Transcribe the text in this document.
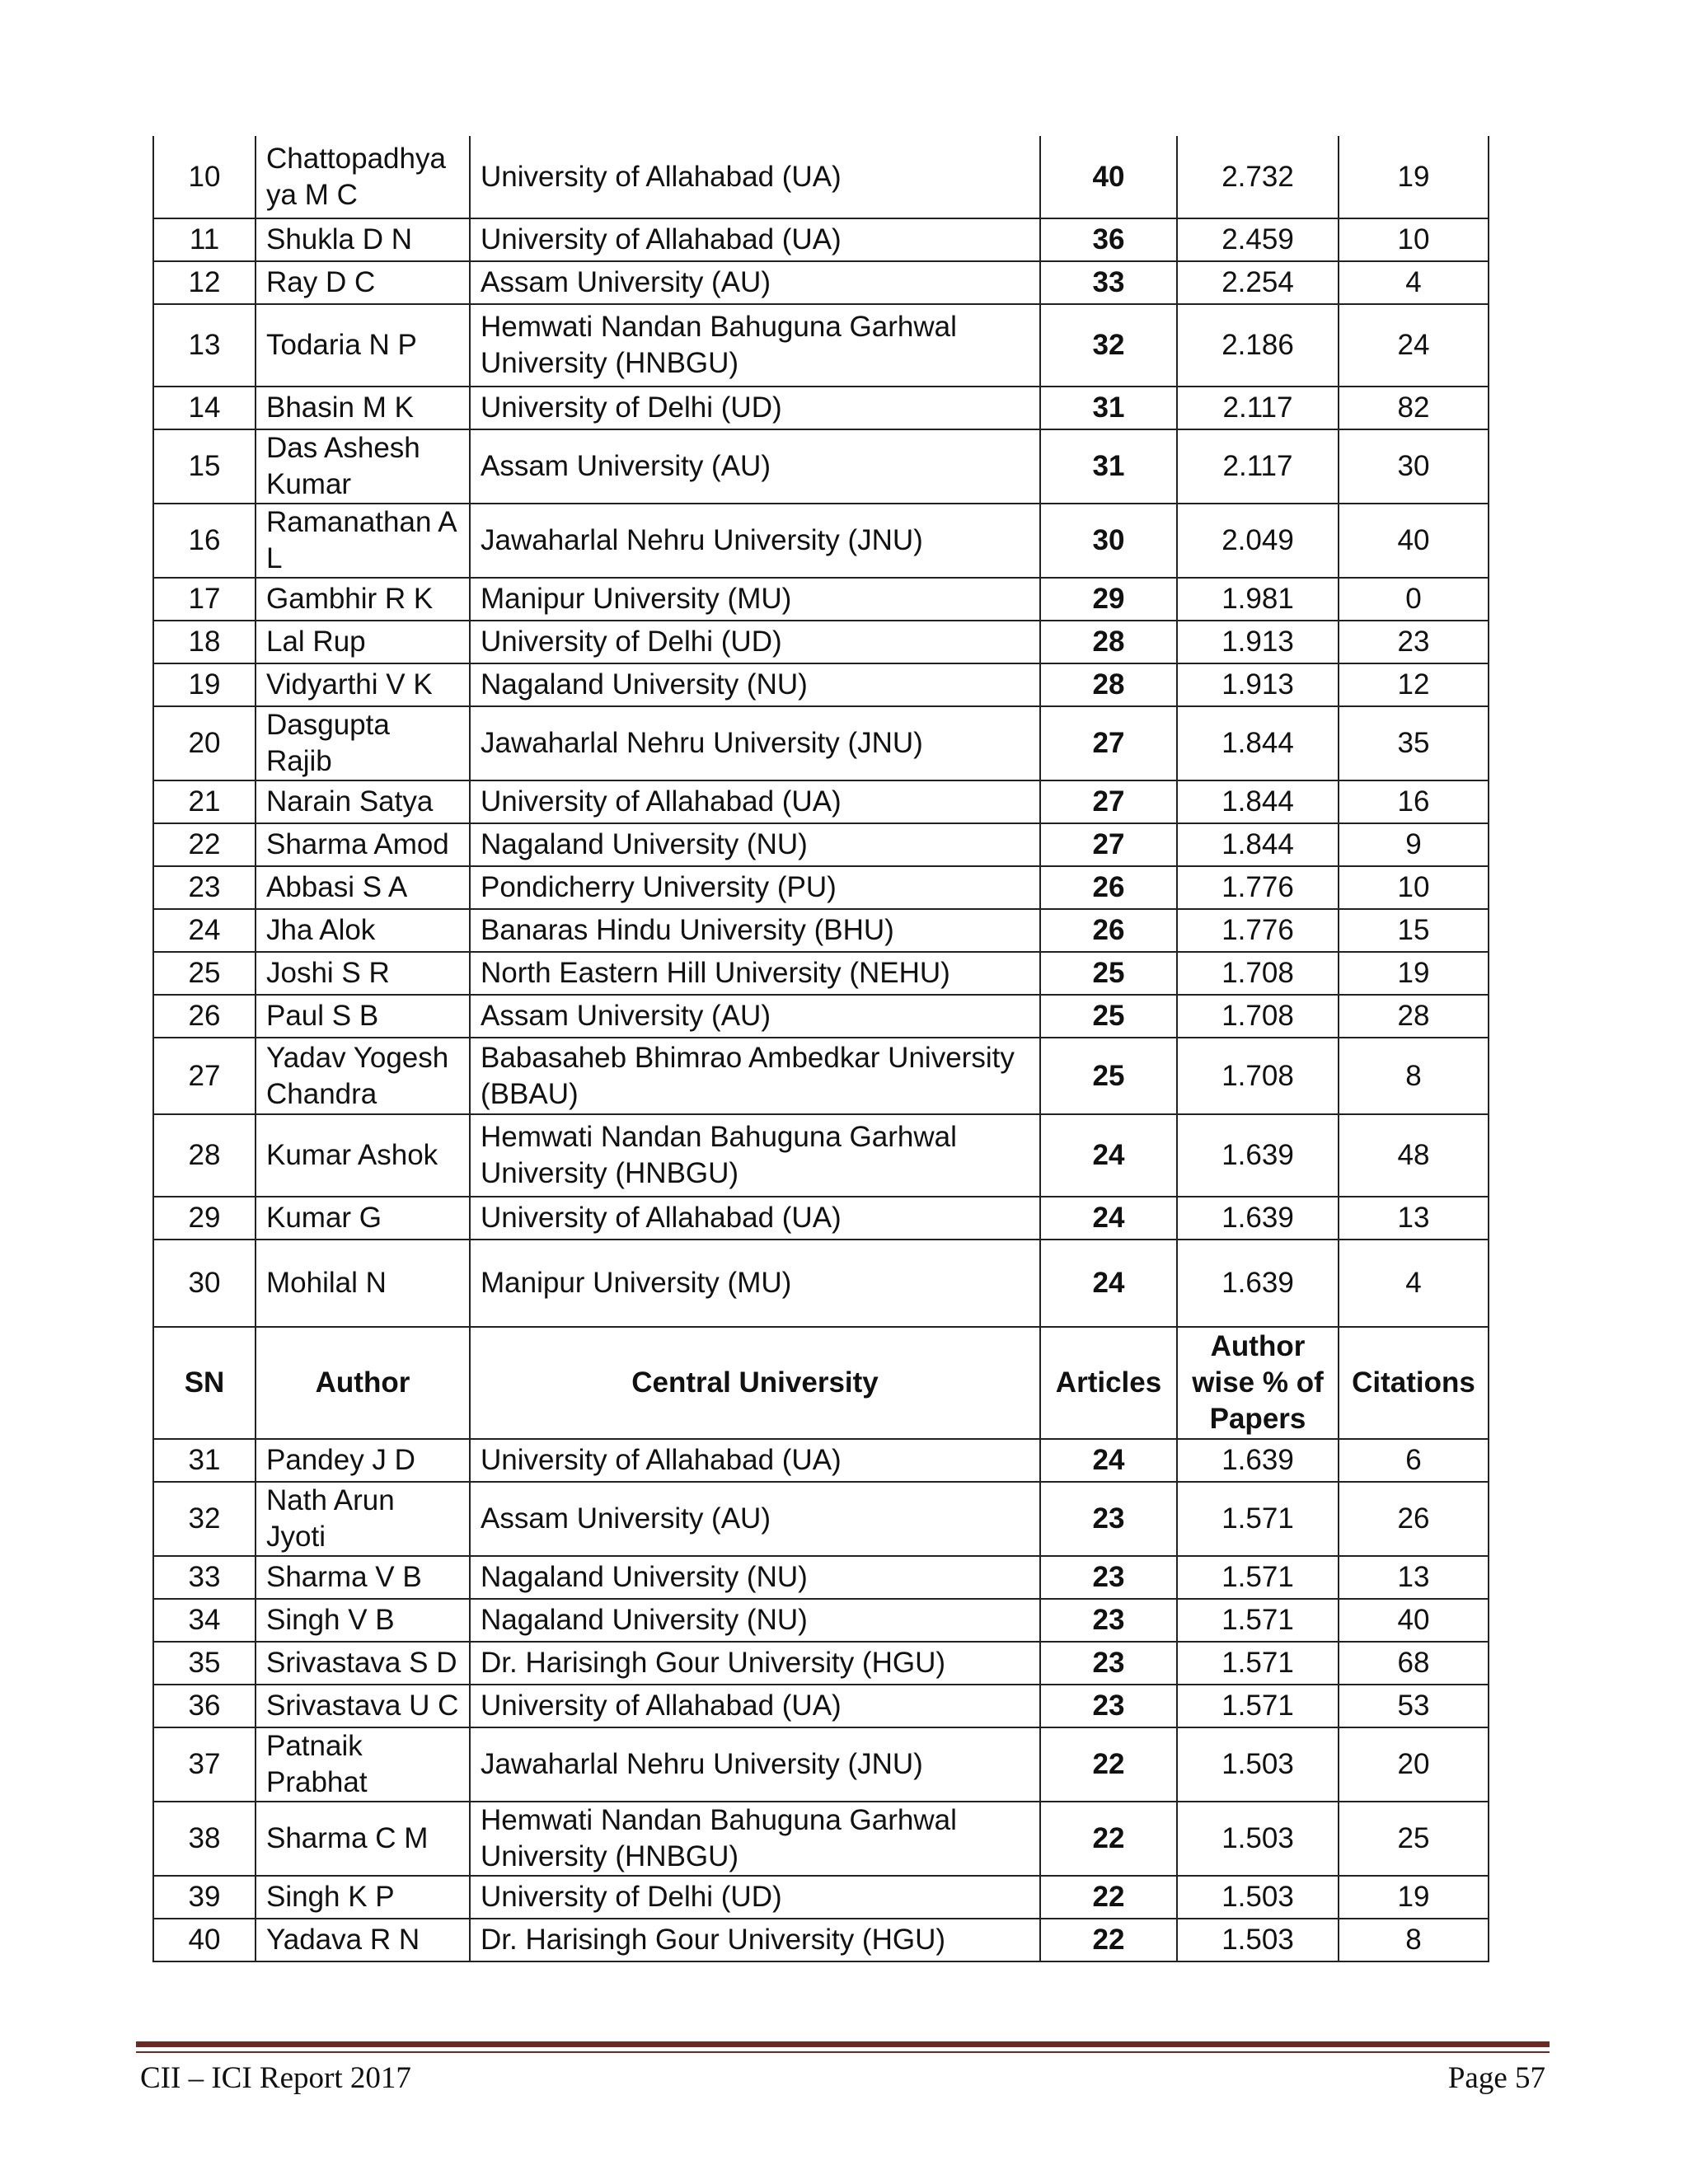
10	Chattopadhya ya M C	University of Allahabad (UA)	40	2.732	19
11	Shukla D N	University of Allahabad (UA)	36	2.459	10
12	Ray D C	Assam University (AU)	33	2.254	4
13	Todaria N P	Hemwati Nandan Bahuguna Garhwal University (HNBGU)	32	2.186	24
14	Bhasin M K	University of Delhi (UD)	31	2.117	82
15	Das Ashesh Kumar	Assam University (AU)	31	2.117	30
16	Ramanathan A L	Jawaharlal Nehru University (JNU)	30	2.049	40
17	Gambhir R K	Manipur University (MU)	29	1.981	0
18	Lal Rup	University of Delhi (UD)	28	1.913	23
19	Vidyarthi V K	Nagaland University (NU)	28	1.913	12
20	Dasgupta Rajib	Jawaharlal Nehru University (JNU)	27	1.844	35
21	Narain Satya	University of Allahabad (UA)	27	1.844	16
22	Sharma Amod	Nagaland University (NU)	27	1.844	9
23	Abbasi S A	Pondicherry University (PU)	26	1.776	10
24	Jha Alok	Banaras Hindu University (BHU)	26	1.776	15
25	Joshi S R	North Eastern Hill University (NEHU)	25	1.708	19
26	Paul S B	Assam University (AU)	25	1.708	28
27	Yadav Yogesh Chandra	Babasaheb Bhimrao Ambedkar University (BBAU)	25	1.708	8
28	Kumar Ashok	Hemwati Nandan Bahuguna Garhwal University (HNBGU)	24	1.639	48
29	Kumar G	University of Allahabad (UA)	24	1.639	13
30	Mohilal N	Manipur University (MU)	24	1.639	4
SN	Author	Central University	Articles	Author wise % of Papers	Citations
31	Pandey J D	University of Allahabad (UA)	24	1.639	6
32	Nath Arun Jyoti	Assam University (AU)	23	1.571	26
33	Sharma V B	Nagaland University (NU)	23	1.571	13
34	Singh V B	Nagaland University (NU)	23	1.571	40
35	Srivastava S D	Dr. Harisingh Gour University (HGU)	23	1.571	68
36	Srivastava U C	University of Allahabad (UA)	23	1.571	53
37	Patnaik Prabhat	Jawaharlal Nehru University (JNU)	22	1.503	20
38	Sharma C M	Hemwati Nandan Bahuguna Garhwal University (HNBGU)	22	1.503	25
39	Singh K P	University of Delhi (UD)	22	1.503	19
40	Yadava R N	Dr. Harisingh Gour University (HGU)	22	1.503	8
CII – ICI Report 2017	Page 57
